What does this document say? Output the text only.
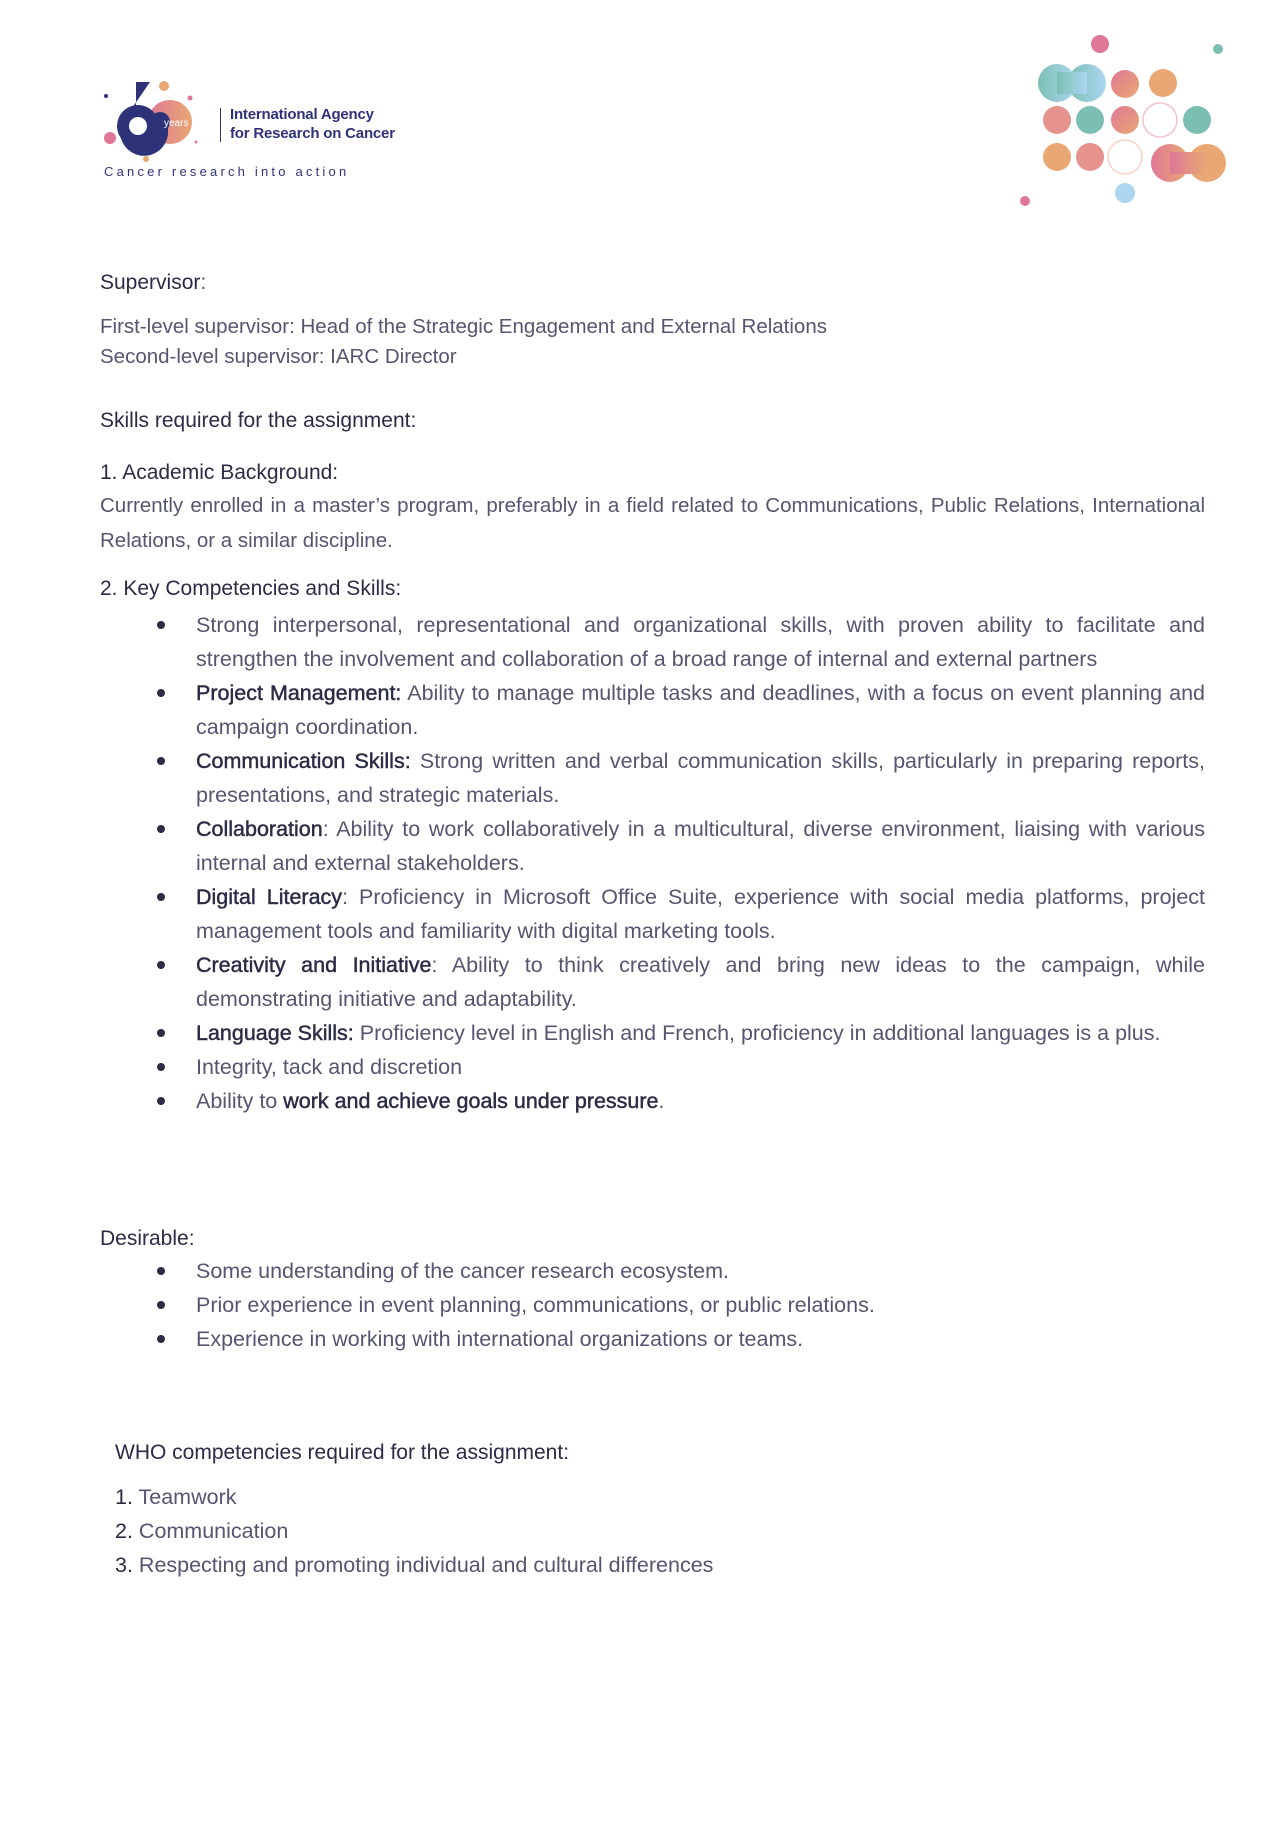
years
International Agency
for Research on Cancer
Cancer research into action
Supervisor:
First-level supervisor: Head of the Strategic Engagement and External Relations
Second-level supervisor: IARC Director
Skills required for the assignment:
1. Academic Background:
Currently enrolled in a master’s program, preferably in a field related to Communications, Public Relations, International Relations, or a similar discipline.
2. Key Competencies and Skills:
Strong interpersonal, representational and organizational skills, with proven ability to facilitate and strengthen the involvement and collaboration of a broad range of internal and external partners
Project Management: Ability to manage multiple tasks and deadlines, with a focus on event planning and campaign coordination.
Communication Skills: Strong written and verbal communication skills, particularly in preparing reports, presentations, and strategic materials.
Collaboration: Ability to work collaboratively in a multicultural, diverse environment, liaising with various internal and external stakeholders.
Digital Literacy: Proficiency in Microsoft Office Suite, experience with social media platforms, project management tools and familiarity with digital marketing tools.
Creativity and Initiative: Ability to think creatively and bring new ideas to the campaign, while demonstrating initiative and adaptability.
Language Skills: Proficiency level in English and French, proficiency in additional languages is a plus.
Integrity, tack and discretion
Ability to work and achieve goals under pressure.
Desirable:
Some understanding of the cancer research ecosystem.
Prior experience in event planning, communications, or public relations.
Experience in working with international organizations or teams.
WHO competencies required for the assignment:
1. Teamwork
2. Communication
3. Respecting and promoting individual and cultural differences
